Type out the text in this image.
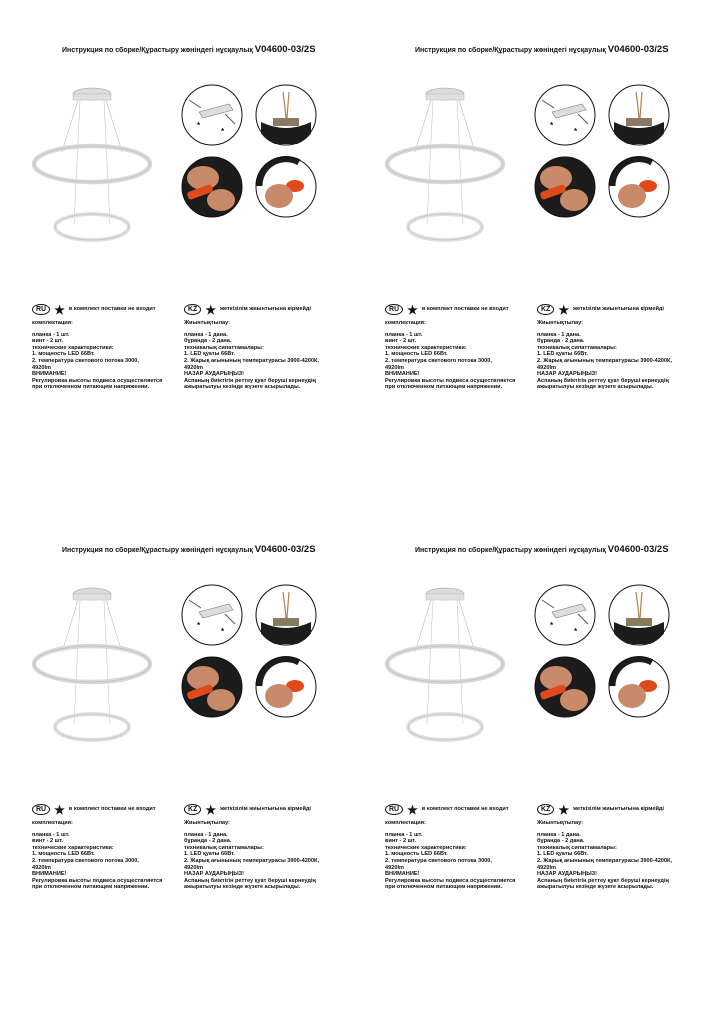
Инструкция по сборке/Құрастыру жөніндегі нұсқаулық V04600-03/2S
*
*
RU ★ в комплект поставки не входит
комплектация:
планка - 1 шт.
винт - 2 шт.
технические характеристики:
1. мощность LED 66Вт.
2. температура светового потока 3000,
4920lm
ВНИМАНИЕ!
Регулировка высоты подвеса осуществляется
при отключенном питающем напряжении.
KZ ★ жеткізілім жиынтығына кірмейді
Жиынтықтылау:
планка - 1 дана.
бұранда - 2 дана.
техникалық сипаттамалары:
1. LED қуаты 66Вт.
2. Жарық ағынының температурасы 3900-4200К,
4920lm
НАЗАР АУДАРЫҢЫЗ!
Аспаның биіктігін реттеу қуат беруші кернеудің
ажыратылуы кезінде жүзеге асырылады.
Инструкция по сборке/Құрастыру жөніндегі нұсқаулық V04600-03/2S
*
*
RU ★ в комплект поставки не входит
комплектация:
планка - 1 шт.
винт - 2 шт.
технические характеристики:
1. мощность LED 66Вт.
2. температура светового потока 3000,
4920lm
ВНИМАНИЕ!
Регулировка высоты подвеса осуществляется
при отключенном питающем напряжении.
KZ ★ жеткізілім жиынтығына кірмейді
Жиынтықтылау:
планка - 1 дана.
бұранда - 2 дана.
техникалық сипаттамалары:
1. LED қуаты 66Вт.
2. Жарық ағынының температурасы 3900-4200К,
4920lm
НАЗАР АУДАРЫҢЫЗ!
Аспаның биіктігін реттеу қуат беруші кернеудің
ажыратылуы кезінде жүзеге асырылады.
Инструкция по сборке/Құрастыру жөніндегі нұсқаулық V04600-03/2S
*
*
RU ★ в комплект поставки не входит
комплектация:
планка - 1 шт.
винт - 2 шт.
технические характеристики:
1. мощность LED 66Вт.
2. температура светового потока 3000,
4920lm
ВНИМАНИЕ!
Регулировка высоты подвеса осуществляется
при отключенном питающем напряжении.
KZ ★ жеткізілім жиынтығына кірмейді
Жиынтықтылау:
планка - 1 дана.
бұранда - 2 дана.
техникалық сипаттамалары:
1. LED қуаты 66Вт.
2. Жарық ағынының температурасы 3900-4200К,
4920lm
НАЗАР АУДАРЫҢЫЗ!
Аспаның биіктігін реттеу қуат беруші кернеудің
ажыратылуы кезінде жүзеге асырылады.
Инструкция по сборке/Құрастыру жөніндегі нұсқаулық V04600-03/2S
*
*
RU ★ в комплект поставки не входит
комплектация:
планка - 1 шт.
винт - 2 шт.
технические характеристики:
1. мощность LED 66Вт.
2. температура светового потока 3000,
4920lm
ВНИМАНИЕ!
Регулировка высоты подвеса осуществляется
при отключенном питающем напряжении.
KZ ★ жеткізілім жиынтығына кірмейді
Жиынтықтылау:
планка - 1 дана.
бұранда - 2 дана.
техникалық сипаттамалары:
1. LED қуаты 66Вт.
2. Жарық ағынының температурасы 3900-4200К,
4920lm
НАЗАР АУДАРЫҢЫЗ!
Аспаның биіктігін реттеу қуат беруші кернеудің
ажыратылуы кезінде жүзеге асырылады.
